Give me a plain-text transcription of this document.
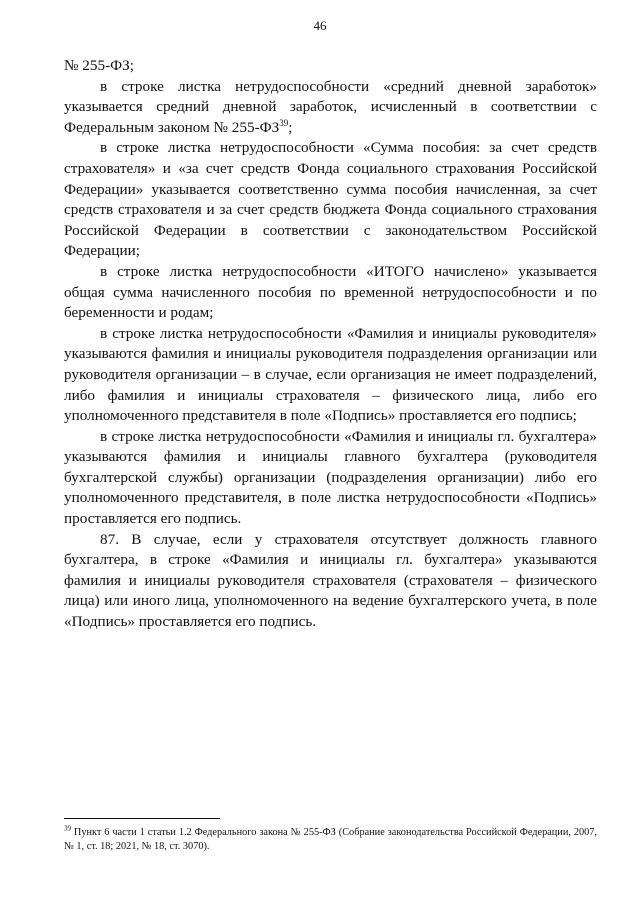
46

№ 255-ФЗ;

в строке листка нетрудоспособности «средний дневной заработок» указывается средний дневной заработок, исчисленный в соответствии с Федеральным законом № 255-ФЗ$^{39}$;

в строке листка нетрудоспособности «Сумма пособия: за счет средств страхователя» и «за счет средств Фонда социального страхования Российской Федерации» указывается соответственно сумма пособия начисленная, за счет средств страхователя и за счет средств бюджета Фонда социального страхования Российской Федерации в соответствии с законодательством Российской Федерации;

в строке листка нетрудоспособности «ИТОГО начислено» указывается общая сумма начисленного пособия по временной нетрудоспособности и по беременности и родам;

в строке листка нетрудоспособности «Фамилия и инициалы руководителя» указываются фамилия и инициалы руководителя подразделения организации или руководителя организации – в случае, если организация не имеет подразделений, либо фамилия и инициалы страхователя – физического лица, либо его уполномоченного представителя в поле «Подпись» проставляется его подпись;

в строке листка нетрудоспособности «Фамилия и инициалы гл. бухгалтера» указываются фамилия и инициалы главного бухгалтера (руководителя бухгалтерской службы) организации (подразделения организации) либо его уполномоченного представителя, в поле листка нетрудоспособности «Подпись» проставляется его подпись.

87. В случае, если у страхователя отсутствует должность главного бухгалтера, в строке «Фамилия и инициалы гл. бухгалтера» указываются фамилия и инициалы руководителя страхователя (страхователя – физического лица) или иного лица, уполномоченного на ведение бухгалтерского учета, в поле «Подпись» проставляется его подпись.

$^{39}$ Пункт 6 части 1 статьи 1.2 Федерального закона № 255-ФЗ (Собрание законодательства Российской Федерации, 2007, № 1, ст. 18; 2021, № 18, ст. 3070).
